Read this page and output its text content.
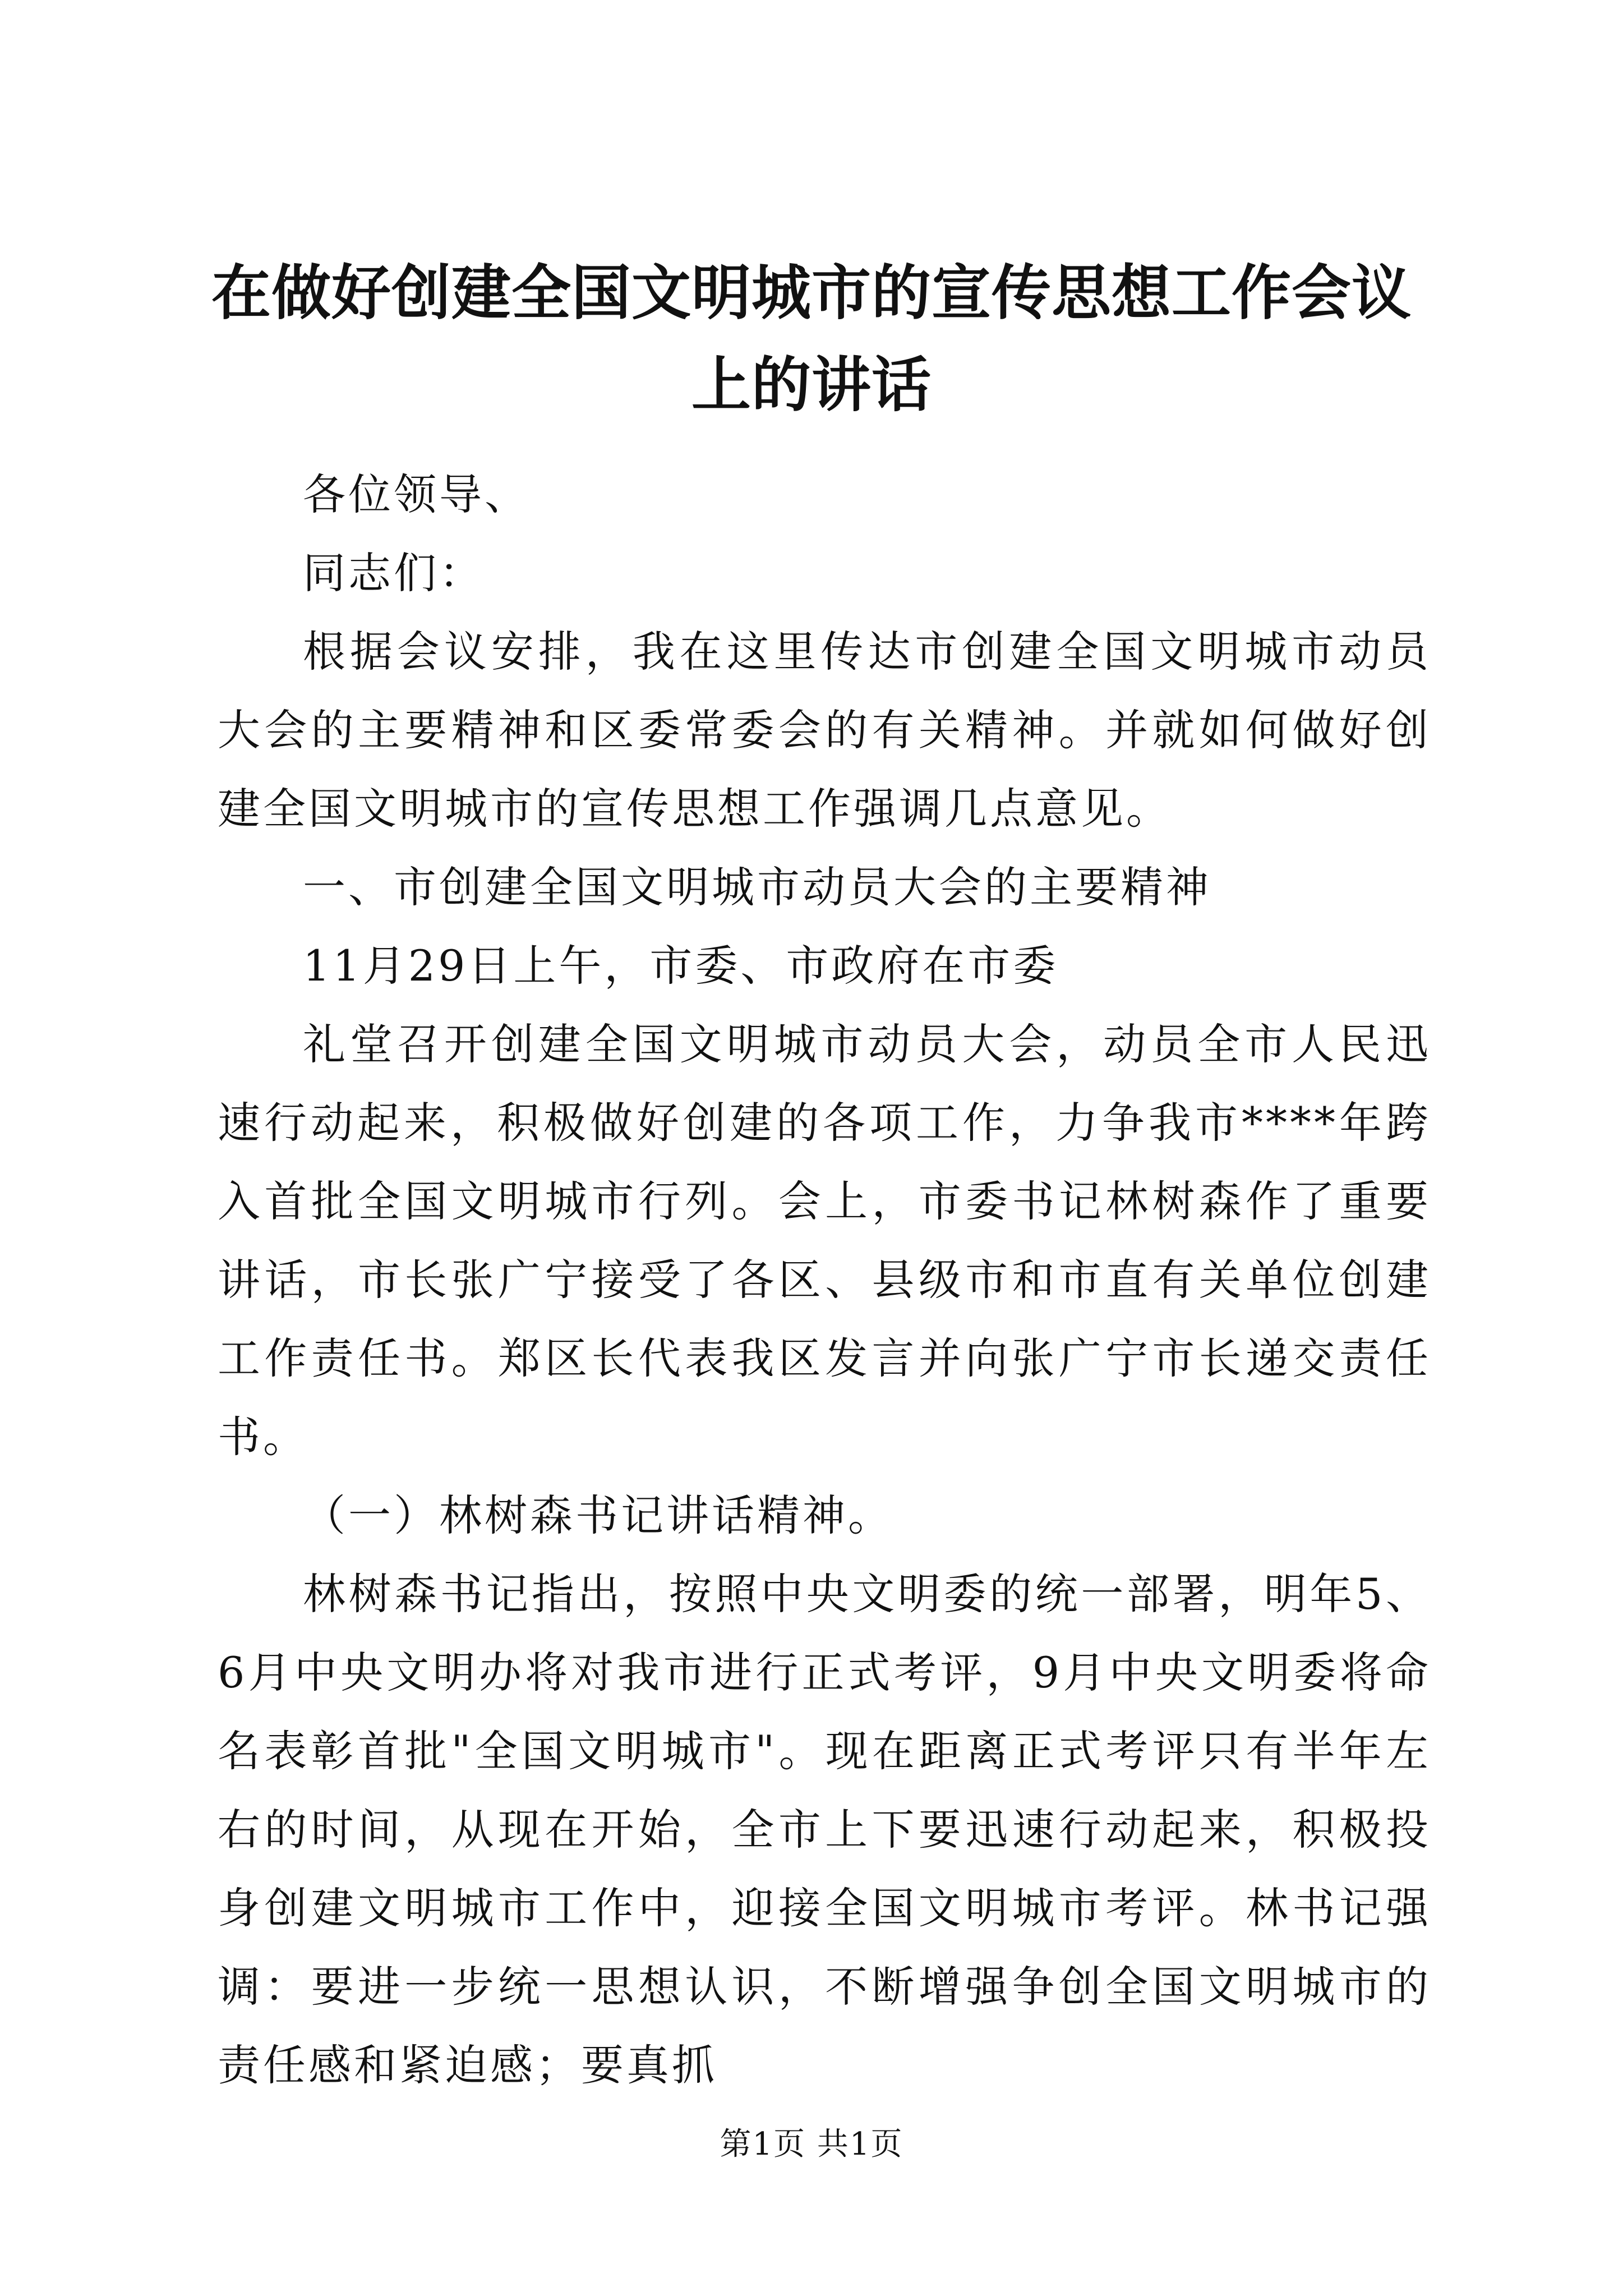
在做好创建全国文明城市的宣传思想工作会议上的讲话

各位领导、

同志们：

根据会议安排，我在这里传达市创建全国文明城市动员大会的主要精神和区委常委会的有关精神。并就如何做好创建全国文明城市的宣传思想工作强调几点意见。

一、市创建全国文明城市动员大会的主要精神

11月29日上午，市委、市政府在市委

礼堂召开创建全国文明城市动员大会，动员全市人民迅速行动起来，积极做好创建的各项工作，力争我市****年跨入首批全国文明城市行列。会上，市委书记林树森作了重要讲话，市长张广宁接受了各区、县级市和市直有关单位创建工作责任书。郑区长代表我区发言并向张广宁市长递交责任书。

（一）林树森书记讲话精神。

林树森书记指出，按照中央文明委的统一部署，明年5、6月中央文明办将对我市进行正式考评，9月中央文明委将命名表彰首批"全国文明城市"。现在距离正式考评只有半年左右的时间，从现在开始，全市上下要迅速行动起来，积极投身创建文明城市工作中，迎接全国文明城市考评。林书记强调：要进一步统一思想认识，不断增强争创全国文明城市的责任感和紧迫感；要真抓

第1页 共1页
